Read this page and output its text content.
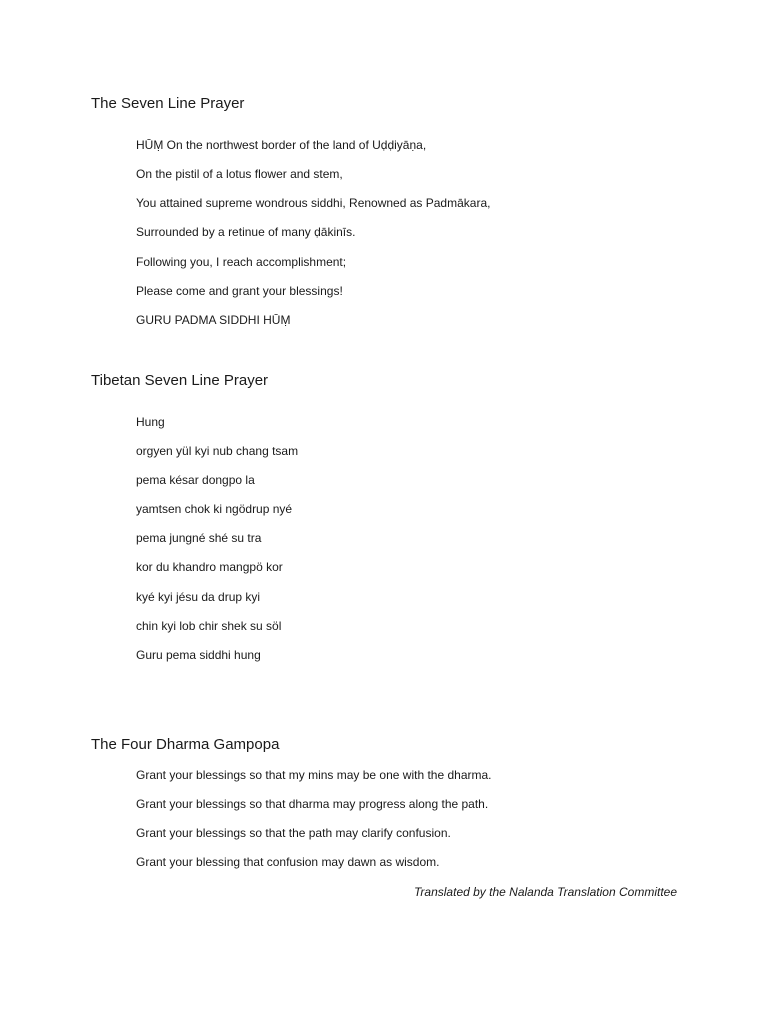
The Seven Line Prayer

HŪṂ On the northwest border of the land of Uḍḍiyāṇa,

On the pistil of a lotus flower and stem,

You attained supreme wondrous siddhi, Renowned as Padmākara,

Surrounded by a retinue of many ḍākinīs.

Following you, I reach accomplishment;

Please come and grant your blessings!

GURU PADMA SIDDHI HŪṂ

Tibetan Seven Line Prayer

Hung

orgyen yül kyi nub chang tsam

pema késar dongpo la

yamtsen chok ki ngödrup nyé

pema jungné shé su tra

kor du khandro mangpö kor

kyé kyi jésu da drup kyi

chin kyi lob chir shek su söl

Guru pema siddhi hung

The Four Dharma Gampopa

Grant your blessings so that my mins may be one with the dharma.

Grant your blessings so that dharma may progress along the path.

Grant your blessings so that the path may clarify confusion.

Grant your blessing that confusion may dawn as wisdom.

Translated by the Nalanda Translation Committee
